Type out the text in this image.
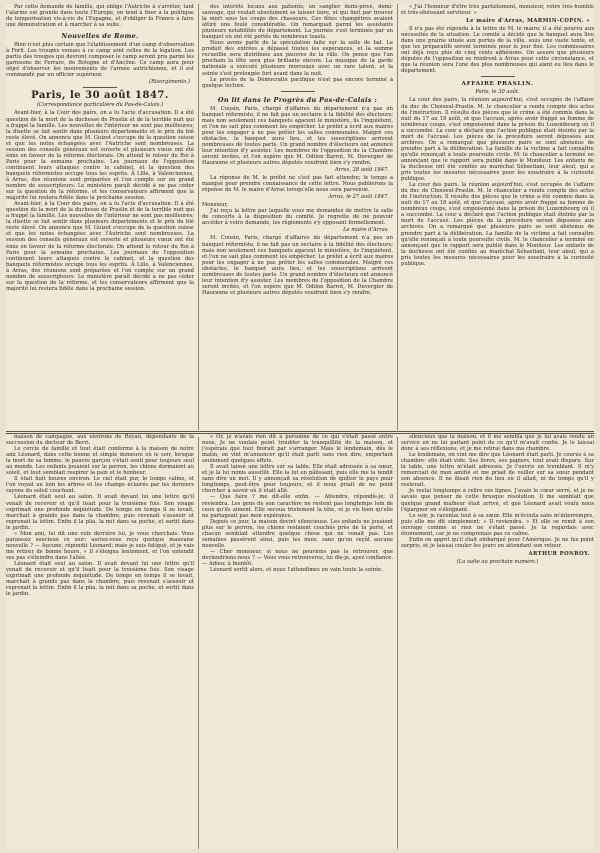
Par cette demande de famille, qui oblige l'Autriche à s'arrêter, tant l'alarme est grande dans toute l'Europe, on tend à fixer à la politique de temporisation vis-à-vis de l'Espagne, et d'obliger la France à faire une démonstration et à marcher à sa suite.

Nouvelles de Rome.

Rien n'est plus certain que l'établissement d'un camp d'observation à Forli. Les troupes venues à ce camp sont celles de la légation. Les partis des troupes qui devront composer le camp seront pris parmi les garnisons de Ferrare, de Bologne et d'Ancône. Ce camp aura pour objet d'observer les mouvements de l'armée autrichienne, et il est commandé par un officier supérieur.

(Risorgimento.)
Paris, le 30 août 1847.
(Correspondance particulière du Pas-de-Calais.)

Avant-hier, à la Cour des pairs, on a lu l'acte d'accusation. Il a été question de la mort de la duchesse de Praslin et de la terrible nuit qui a frappé la famille. Les nouvelles de l'intérieur ne sont pas meilleures; la disette se fait sentir dans plusieurs départements et le prix du blé reste élevé. On annonce que M. Guizot s'occupe de la question suisse et que les notes échangées avec l'Autriche sont nombreuses. La session des conseils généraux est ouverte et plusieurs vœux ont été émis en faveur de la réforme électorale. On attend le retour du Roi à Paris pour la semaine prochaine. Les journaux de l'opposition continuent leurs attaques contre le cabinet, et la question des banquets réformistes occupe tous les esprits. À Lille, à Valenciennes, à Arras, des réunions sont préparées et l'on compte sur un grand nombre de souscripteurs. Le ministère paraît décidé à ne pas céder sur la question de la réforme, et les conservateurs affirment que la majorité lui restera fidèle dans la prochaine session.

Avant-hier, à la Cour des pairs, on a lu l'acte d'accusation. Il a été question de la mort de la duchesse de Praslin et de la terrible nuit qui a frappé la famille. Les nouvelles de l'intérieur ne sont pas meilleures; la disette se fait sentir dans plusieurs départements et le prix du blé reste élevé. On annonce que M. Guizot s'occupe de la question suisse et que les notes échangées avec l'Autriche sont nombreuses. La session des conseils généraux est ouverte et plusieurs vœux ont été émis en faveur de la réforme électorale. On attend le retour du Roi à Paris pour la semaine prochaine. Les journaux de l'opposition continuent leurs attaques contre le cabinet, et la question des banquets réformistes occupe tous les esprits. À Lille, à Valenciennes, à Arras, des réunions sont préparées et l'on compte sur un grand nombre de souscripteurs. Le ministère paraît décidé à ne pas céder sur la question de la réforme, et les conservateurs affirment que la majorité lui restera fidèle dans la prochaine session.

des intérêts locaux aux patients; un sanglier demi-privé, demi-sauvage, qui voulait absolument se laisser faire, et qui finit par trouver la mort sous les coups des chasseurs. Ces fêtes champêtres avaient attiré une foule considérable. On remarquait parmi les assistants plusieurs notabilités du département. La journée s'est terminée par un banquet où ont été portés de nombreux toasts.

Nous avons parlé de la spéculation faite sur la salle de bal. Le produit des entrées a dépassé toutes les espérances, et la somme recueillie sera distribuée aux pauvres de la ville. On pense que l'an prochain la fête sera plus brillante encore. La musique de la garde nationale a exécuté plusieurs morceaux avec un rare talent, et la soirée s'est prolongée fort avant dans la nuit.

Le procès de la Démocratie pacifique n'est pas encore terminé à quelque lecture.

On lit dans le Progrès du Pas-de-Calais :

M. Cousin, Paris, chargé d'affaires du département n'a pas un banquet réformiste, il ne fait pas un sectaire à la fidélité des électeurs; mais non seulement ces banquets agacent le ministère, ils l'inquiètent, et l'on ne sait plus comment les empêcher. Le préfet a écrit aux maires pour les engager à ne pas prêter les salles communales. Malgré ces obstacles, le banquet aura lieu, et les souscriptions arrivent nombreuses de toutes parts. Un grand nombre d'électeurs ont annoncé leur intention d'y assister. Les membres de l'opposition de la Chambre seront invités, et l'on espère que M. Odilon Barrot, M. Duvergier de Hauranne et plusieurs autres députés voudront bien s'y rendre.

Arras, 28 août 1847.

La réponse de M. le préfet ne s'est pas fait attendre; le temps a manqué pour prendre connaissance de cette lettre. Nous publierons la réponse de M. le maire d'Arras lorsqu'elle nous sera parvenue.

Arras, le 27 août 1847.

Monsieur,

J'ai reçu la lettre par laquelle vous me demandez de mettre la salle de concerts à la disposition du comité. Je regrette de ne pouvoir accéder à votre demande, les règlements s'y opposant formellement.

Le maire d'Arras.

M. Cousin, Paris, chargé d'affaires du département n'a pas un banquet réformiste, il ne fait pas un sectaire à la fidélité des électeurs; mais non seulement ces banquets agacent le ministère, ils l'inquiètent, et l'on ne sait plus comment les empêcher. Le préfet a écrit aux maires pour les engager à ne pas prêter les salles communales. Malgré ces obstacles, le banquet aura lieu, et les souscriptions arrivent nombreuses de toutes parts. Un grand nombre d'électeurs ont annoncé leur intention d'y assister. Les membres de l'opposition de la Chambre seront invités, et l'on espère que M. Odilon Barrot, M. Duvergier de Hauranne et plusieurs autres députés voudront bien s'y rendre.

« J'ai l'honneur d'être très parfaitement, monsieur, votre très-humble et très-obéissant serviteur. »

Le maire d'Arras, MARMIN-COPIN. »

Il n'a pas été répondu à la lettre de M. le maire; il a été pourvu aux nécessités de la situation. Le comité a décidé que le banquet aura lieu dans une prairie située aux portes de la ville, sous une vaste tente, et que les préparatifs seront terminés pour le jour fixé. Les commissaires ont déjà reçu plus de cinq cents adhésions. On assure que plusieurs députés de l'opposition se rendront à Arras pour cette circonstance, et que la réunion sera l'une des plus nombreuses qui aient eu lieu dans le département.

AFFAIRE PRASLIN.
Paris, le 30 août.

La cour des pairs, la réunion aujourd'hui, s'est occupée de l'affaire du duc de Choiseul-Praslin. M. le chancelier a rendu compte des actes de l'instruction. Il résulte des pièces que le crime a été commis dans la nuit du 17 au 18 août, et que l'accusé, après avoir frappé sa femme de nombreux coups, s'est empoisonné dans la prison du Luxembourg où il a succombé. La cour a déclaré que l'action publique était éteinte par la mort de l'accusé. Les pièces de la procédure seront déposées aux archives. On a remarqué que plusieurs pairs se sont abstenus de prendre part à la délibération. La famille de la victime a fait connaître qu'elle renonçait à toute poursuite civile. M. le chancelier a terminé en annonçant que le rapport sera publié dans le Moniteur. Les enfants de la duchesse ont été confiés au maréchal Sébastiani, leur aïeul, qui a pris toutes les mesures nécessaires pour les soustraire à la curiosité publique.

La cour des pairs, la réunion aujourd'hui, s'est occupée de l'affaire du duc de Choiseul-Praslin. M. le chancelier a rendu compte des actes de l'instruction. Il résulte des pièces que le crime a été commis dans la nuit du 17 au 18 août, et que l'accusé, après avoir frappé sa femme de nombreux coups, s'est empoisonné dans la prison du Luxembourg où il a succombé. La cour a déclaré que l'action publique était éteinte par la mort de l'accusé. Les pièces de la procédure seront déposées aux archives. On a remarqué que plusieurs pairs se sont abstenus de prendre part à la délibération. La famille de la victime a fait connaître qu'elle renonçait à toute poursuite civile. M. le chancelier a terminé en annonçant que le rapport sera publié dans le Moniteur. Les enfants de la duchesse ont été confiés au maréchal Sébastiani, leur aïeul, qui a pris toutes les mesures nécessaires pour les soustraire à la curiosité publique.

maison de campagne, aux environs de Royan, dépendante de la succession du docteur de Berri.

Le cercle de famille et tout était conforme à la maison de notre ami Léonard, dans cette bonne et simple demeure où le soir, lorsque la mort de sa femme, le pauvre garçon s'était senti pour toujours seul au monde. Les enfants jouaient sur le perron, les chiens dormaient au soleil, et tout semblait respirer la paix et le bonheur.

Il était huit heures environ. Le ciel était pur, le temps calme, et l'on voyait au loin les arbres et les champs éclairés par les derniers rayons du soleil couchant.

Léonard était seul au salon. Il avait devant lui une lettre qu'il venait de recevoir et qu'il lisait pour la troisième fois. Son visage exprimait une profonde inquiétude. De temps en temps il se levait, marchait à grands pas dans la chambre, puis revenait s'asseoir et reprenait la lettre. Enfin il la plia, la mit dans sa poche, et sortit dans le jardin.

« Mon ami, lui dit une voix derrière lui, je vous cherchais. Vous paraissez soucieux ce soir; auriez-vous reçu quelque mauvaise nouvelle ? — Aucune, répondit Léonard; mais je suis fatigué, et je vais me retirer de bonne heure. » Il s'éloigna lentement, et l'on entendit ses pas s'éteindre dans l'allée.

Léonard était seul au salon. Il avait devant lui une lettre qu'il venait de recevoir et qu'il lisait pour la troisième fois. Son visage exprimait une profonde inquiétude. De temps en temps il se levait, marchait à grands pas dans la chambre, puis revenait s'asseoir et reprenait la lettre. Enfin il la plia, la mit dans sa poche, et sortit dans le jardin.

« Or, je n'avais rien dit à personne de ce qui s'était passé entre nous. Je ne voulais point troubler la tranquillité de la maison, et j'espérais que tout finirait par s'arranger. Mais le lendemain, dès le matin, on vint m'annoncer qu'il était parti sans rien dire, emportant seulement quelques effets.

Il avait laissé une lettre sur sa table. Elle était adressée à sa sœur, et je la lui remis aussitôt. Elle la lut en pâlissant, puis elle me la tendit sans dire un mot. Il y annonçait sa résolution de quitter le pays pour longtemps, peut-être pour toujours, et il nous priait de ne point chercher à savoir où il était allé.

— Que faire ? me dit-elle enfin. — Attendre, répondis-je; il reviendra. Les gens de son caractère ne restent pas longtemps loin de ceux qu'ils aiment. Elle secoua tristement la tête, et je vis bien qu'elle ne partageait pas mon espérance.

Depuis ce jour, la maison devint silencieuse. Les enfants ne jouaient plus sur le perron, les chiens restaient couchés près de la porte, et chacun semblait attendre quelque chose qui ne venait pas. Les semaines passèrent ainsi, puis les mois, sans qu'on reçût aucune nouvelle.

— Cher monsieur, si nous ne pouvions pas le retrouver, que deviendrions-nous ? — Vous vous retrouverez, lui dis-je, ayez confiance. — Adieu; à bientôt.

Léonard sortit alors, et nous l'attendîmes en vain toute la soirée.

silencieux que la maison, et il me sembla que je lui avais rendu un service en ne lui parlant point de ce qu'il m'avait confié. Je le laissai donc à ses réflexions, et je me retirai dans ma chambre.

Le lendemain, on vint me dire que Léonard était parti. Je courus à sa chambre: elle était vide. Ses livres, ses papiers, tout avait disparu. Sur la table, une lettre m'était adressée. Je l'ouvris en tremblant. Il m'y remerciait de mon amitié et me priait de veiller sur sa sœur pendant son absence. Il ne disait rien du lieu où il allait, ni du temps qu'il y resterait.

Je restai longtemps à relire ces lignes. J'avais le cœur serré, et je ne savais que penser de cette brusque résolution. Il me semblait que quelque grand malheur était arrivé, et que Léonard avait voulu nous l'épargner en s'éloignant.

Le soir, je racontai tout à sa sœur. Elle m'écouta sans m'interrompre, puis elle me dit simplement: « Il reviendra. » Et elle se remit à son ouvrage comme si rien ne s'était passé. Je la regardais avec étonnement, car je ne comprenais pas ce calme.

Enfin on apprit qu'il était embarqué pour l'Amérique. Je ne fus point surpris, et je laissai couler les jours en attendant son retour.

ARTHUR PONROY.
(La suite au prochain numéro.)
